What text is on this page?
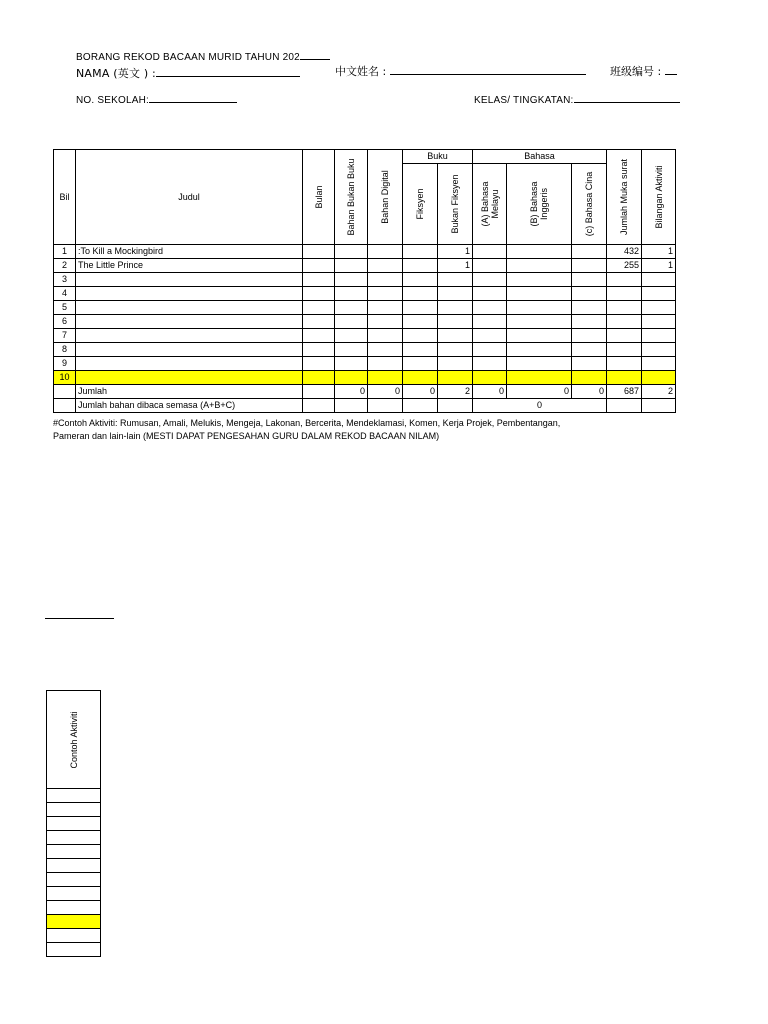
BORANG REKOD BACAAN MURID TAHUN 202
NAMA (英文 ) :	中文姓名 :	班级编号 :
NO. SEKOLAH:	KELAS/ TINGKATAN:
Bil	Judul	Bulan	Bahan Bukan Buku	Bahan Digital	Buku		Bahasa			Jumlah Muka surat	Bilangan Aktiviti

					Fiksyen	Bukan Fiksyen	(A) Bahasa Melayu	(B) Bahasa Inggeris	(c) Bahasa Cina		

1	:To Kill a Mockingbird					1				432	1
2	The Little Prince					1				255	1
3											
4											
5											
6											
7											
8											
9											
10											
	Jumlah		0	0	0	2	0	0	0	687	2
	Jumlah bahan dibaca semasa (A+B+C)						0				
#Contoh Aktiviti: Rumusan, Amali, Melukis, Mengeja, Lakonan, Bercerita, Mendeklamasi, Komen, Kerja Projek, Pembentangan,
Pameran dan lain-lain (MESTI DAPAT PENGESAHAN GURU DALAM REKOD BACAAN NILAM)
Contoh Aktiviti
